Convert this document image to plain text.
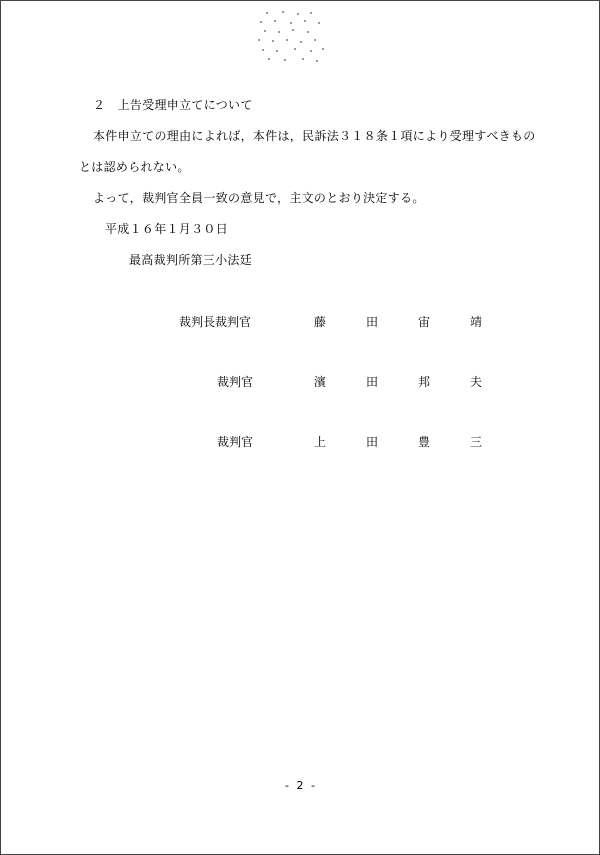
２　上告受理申立てについて
本件申立ての理由によれば，本件は，民訴法３１８条１項により受理すべきもの
とは認められない。
よって，裁判官全員一致の意見で，主文のとおり決定する。
平成１６年１月３０日
最高裁判所第三小法廷
裁判長裁判官	藤	田	宙	靖
裁判官	濱	田	邦	夫
裁判官	上	田	豊	三
- 2 -
